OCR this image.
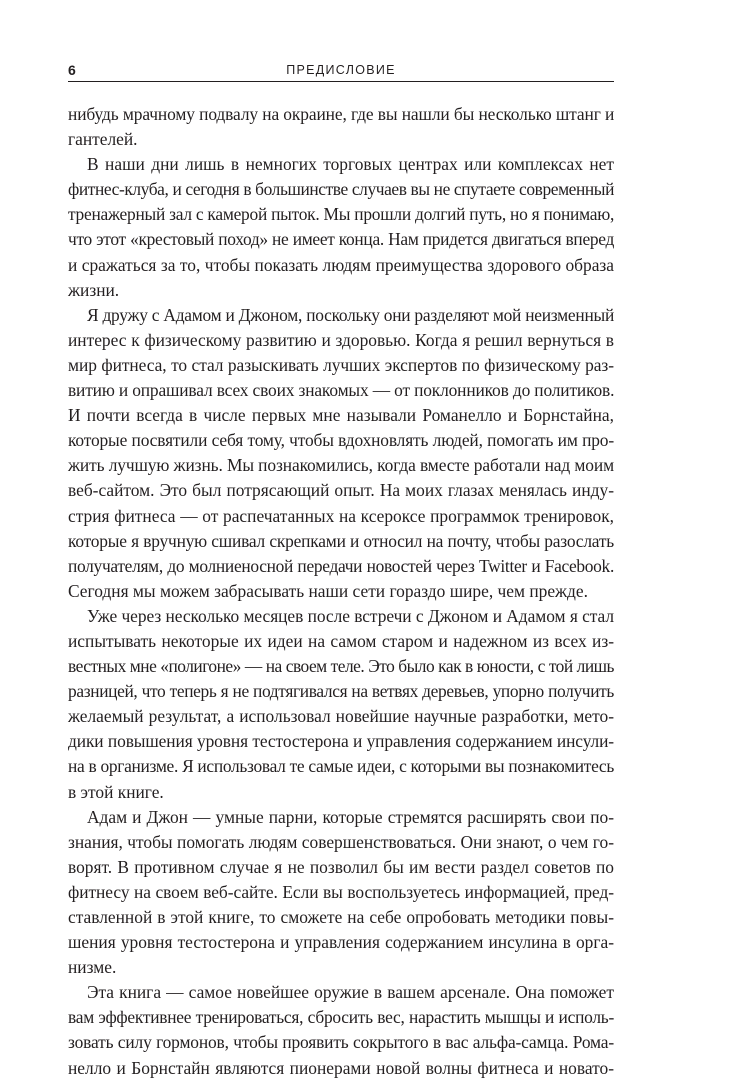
6	ПРЕДИСЛОВИЕ
нибудь мрачному подвалу на окраине, где вы нашли бы несколько штанг и
гантелей.
В наши дни лишь в немногих торговых центрах или комплексах нет
фитнес-клуба, и сегодня в большинстве случаев вы не спутаете современный
тренажерный зал с камерой пыток. Мы прошли долгий путь, но я понимаю,
что этот «крестовый поход» не имеет конца. Нам придется двигаться вперед
и сражаться за то, чтобы показать людям преимущества здорового образа
жизни.
Я дружу с Адамом и Джоном, поскольку они разделяют мой неизменный
интерес к физическому развитию и здоровью. Когда я решил вернуться в
мир фитнеса, то стал разыскивать лучших экспертов по физическому раз-
витию и опрашивал всех своих знакомых — от поклонников до политиков.
И почти всегда в числе первых мне называли Романелло и Борнстайна,
которые посвятили себя тому, чтобы вдохновлять людей, помогать им про-
жить лучшую жизнь. Мы познакомились, когда вместе работали над моим
веб-сайтом. Это был потрясающий опыт. На моих глазах менялась инду-
стрия фитнеса — от распечатанных на ксероксе программок тренировок,
которые я вручную сшивал скрепками и относил на почту, чтобы разослать
получателям, до молниеносной передачи новостей через Twitter и Facebook.
Сегодня мы можем забрасывать наши сети гораздо шире, чем прежде.
Уже через несколько месяцев после встречи с Джоном и Адамом я стал
испытывать некоторые их идеи на самом старом и надежном из всех из-
вестных мне «полигоне» — на своем теле. Это было как в юности, с той лишь
разницей, что теперь я не подтягивался на ветвях деревьев, упорно получить
желаемый результат, а использовал новейшие научные разработки, мето-
дики повышения уровня тестостерона и управления содержанием инсули-
на в организме. Я использовал те самые идеи, с которыми вы познакомитесь
в этой книге.
Адам и Джон — умные парни, которые стремятся расширять свои по-
знания, чтобы помогать людям совершенствоваться. Они знают, о чем го-
ворят. В противном случае я не позволил бы им вести раздел советов по
фитнесу на своем веб-сайте. Если вы воспользуетесь информацией, пред-
ставленной в этой книге, то сможете на себе опробовать методики повы-
шения уровня тестостерона и управления содержанием инсулина в орга-
низме.
Эта книга — самое новейшее оружие в вашем арсенале. Она поможет
вам эффективнее тренироваться, сбросить вес, нарастить мышцы и исполь-
зовать силу гормонов, чтобы проявить сокрытого в вас альфа-самца. Рома-
нелло и Борнстайн являются пионерами новой волны фитнеса и новато-
